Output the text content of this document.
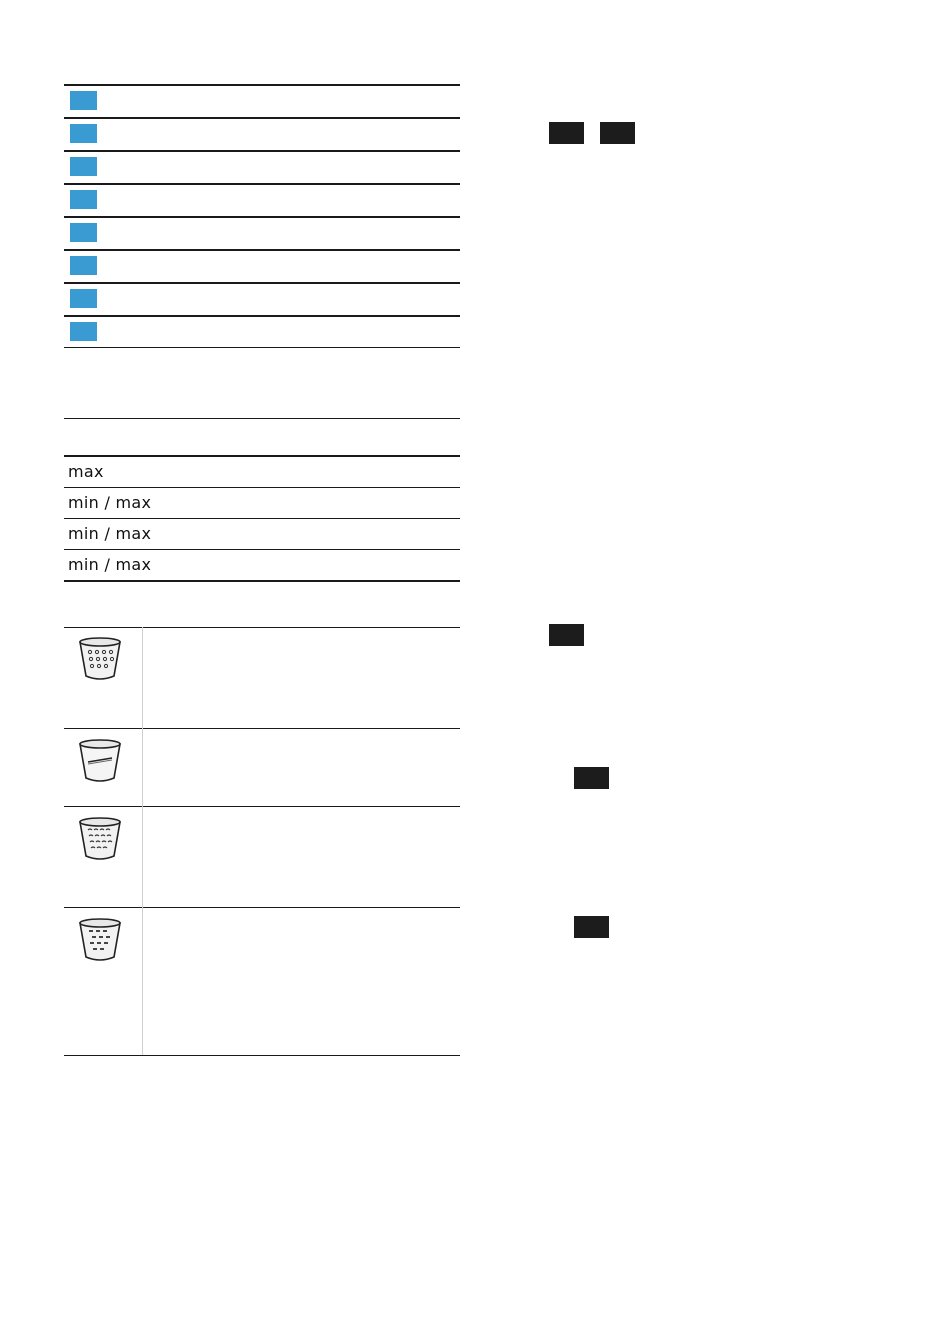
max
min / max
min / max
min / max
